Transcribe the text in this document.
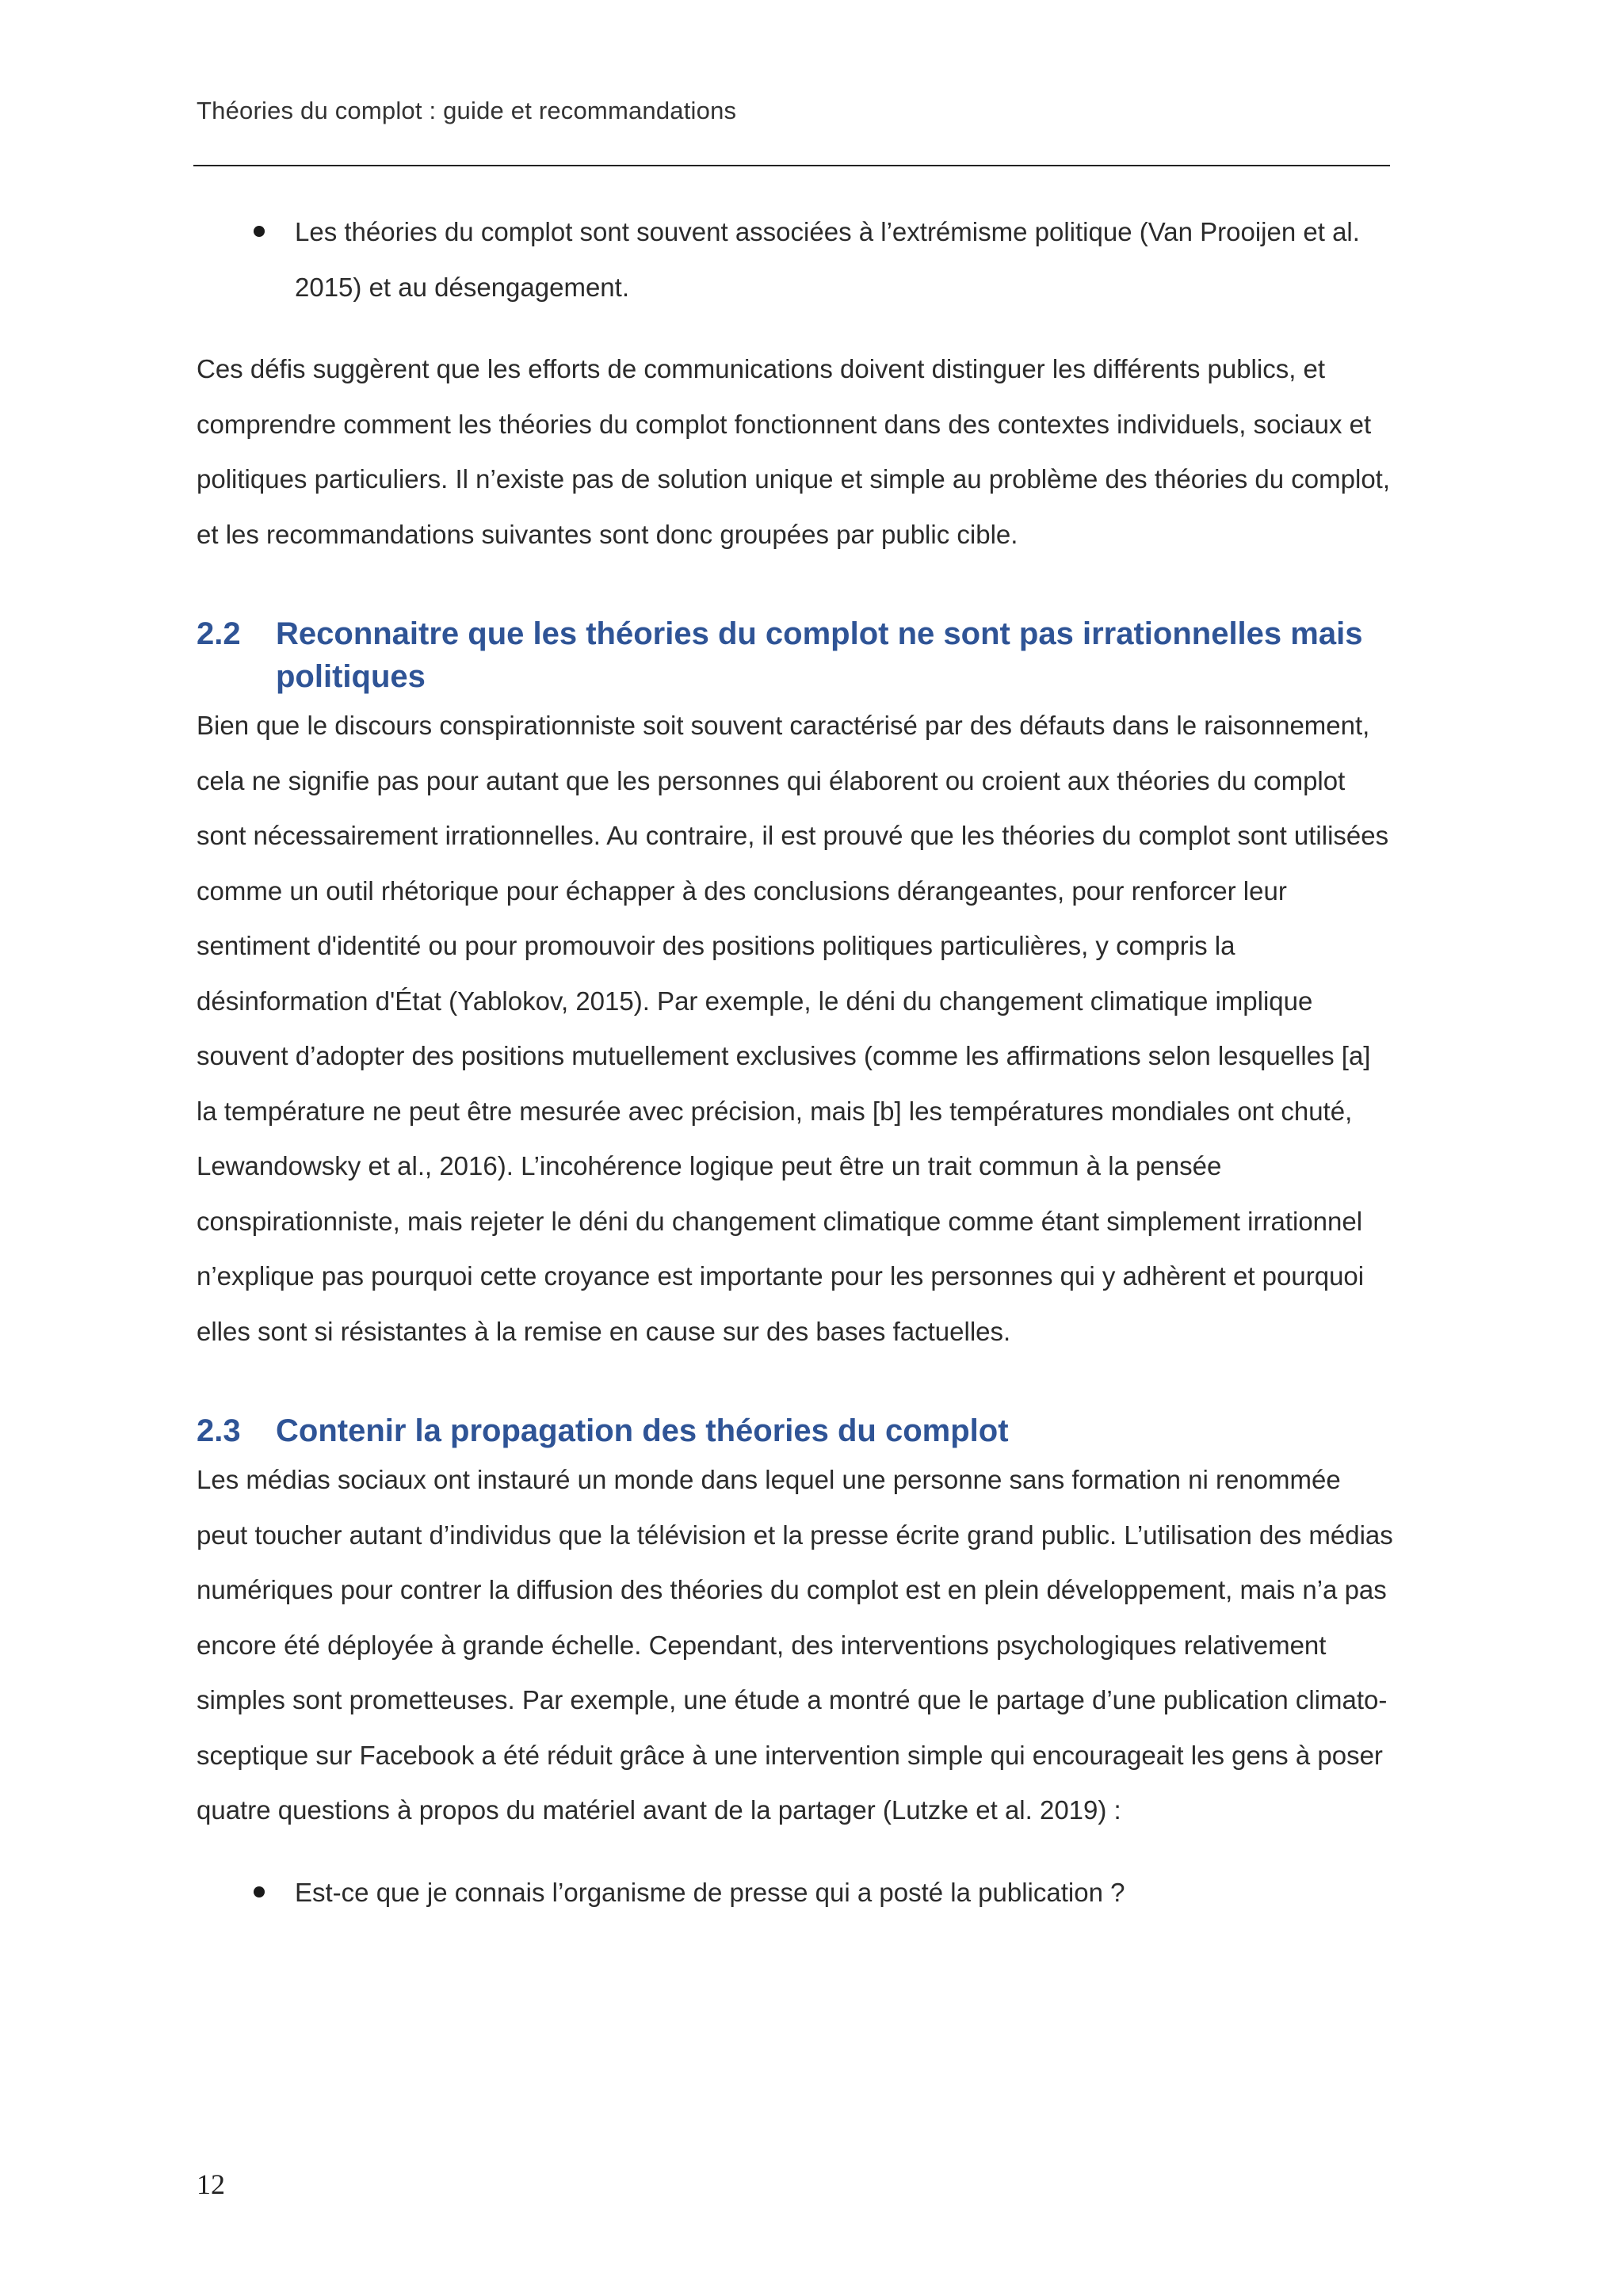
Théories du complot : guide et recommandations
Les théories du complot sont souvent associées à l’extrémisme politique (Van Prooijen et al. 2015) et au désengagement.

Ces défis suggèrent que les efforts de communications doivent distinguer les différents publics, et comprendre comment les théories du complot fonctionnent dans des contextes individuels, sociaux et politiques particuliers. Il n’existe pas de solution unique et simple au problème des théories du complot, et les recommandations suivantes sont donc groupées par public cible.

2.2 Reconnaitre que les théories du complot ne sont pas irrationnelles mais politiques

Bien que le discours conspirationniste soit souvent caractérisé par des défauts dans le raisonnement, cela ne signifie pas pour autant que les personnes qui élaborent ou croient aux théories du complot sont nécessairement irrationnelles. Au contraire, il est prouvé que les théories du complot sont utilisées comme un outil rhétorique pour échapper à des conclusions dérangeantes, pour renforcer leur sentiment d'identité ou pour promouvoir des positions politiques particulières, y compris la désinformation d'État (Yablokov, 2015). Par exemple, le déni du changement climatique implique souvent d’adopter des positions mutuellement exclusives (comme les affirmations selon lesquelles [a] la température ne peut être mesurée avec précision, mais [b] les températures mondiales ont chuté, Lewandowsky et al., 2016). L’incohérence logique peut être un trait commun à la pensée conspirationniste, mais rejeter le déni du changement climatique comme étant simplement irrationnel n’explique pas pourquoi cette croyance est importante pour les personnes qui y adhèrent et pourquoi elles sont si résistantes à la remise en cause sur des bases factuelles.

2.3 Contenir la propagation des théories du complot

Les médias sociaux ont instauré un monde dans lequel une personne sans formation ni renommée peut toucher autant d’individus que la télévision et la presse écrite grand public. L’utilisation des médias numériques pour contrer la diffusion des théories du complot est en plein développement, mais n’a pas encore été déployée à grande échelle. Cependant, des interventions psychologiques relativement simples sont prometteuses. Par exemple, une étude a montré que le partage d’une publication climato-sceptique sur Facebook a été réduit grâce à une intervention simple qui encourageait les gens à poser quatre questions à propos du matériel avant de la partager (Lutzke et al. 2019) :

Est-ce que je connais l’organisme de presse qui a posté la publication ?
12
